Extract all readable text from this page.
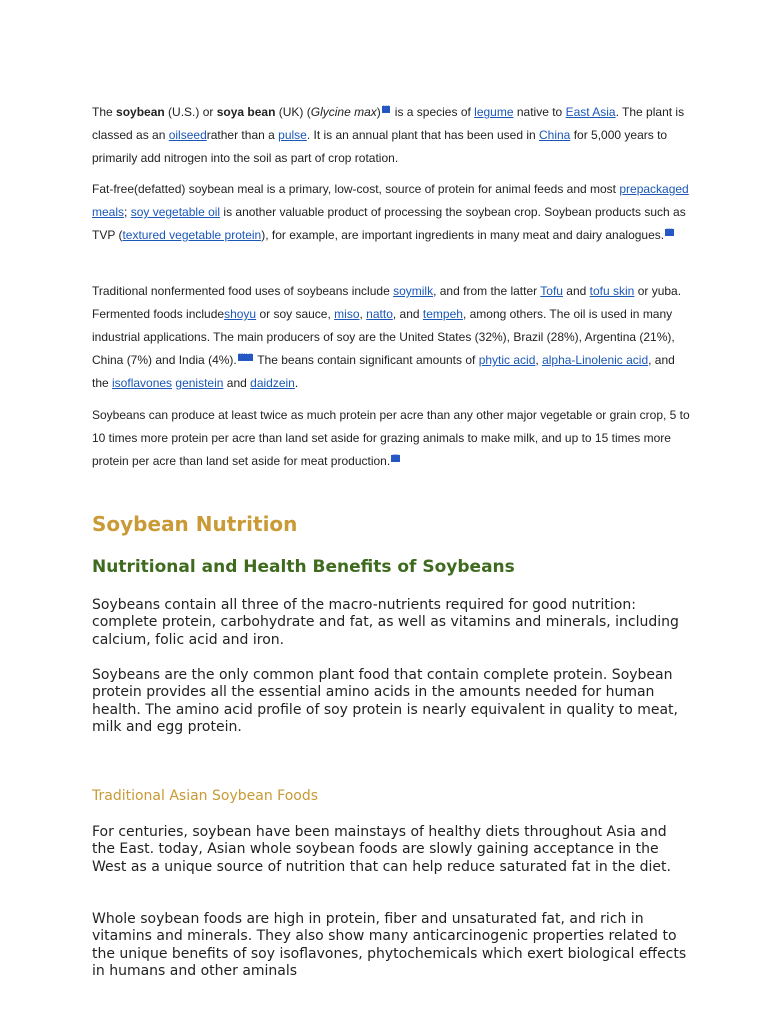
The soybean (U.S.) or soya bean (UK) (Glycine max) [1] is a species of legume native to East Asia. The plant is classed as an oilseedrather than a pulse. It is an annual plant that has been used in China for 5,000 years to primarily add nitrogen into the soil as part of crop rotation.

Fat-free(defatted) soybean meal is a primary, low-cost, source of protein for animal feeds and most prepackaged meals; soy vegetable oil is another valuable product of processing the soybean crop. Soybean products such as TVP (textured vegetable protein), for example, are important ingredients in many meat and dairy analogues. [2]

Traditional nonfermented food uses of soybeans include soymilk, and from the latter Tofu and tofu skin or yuba. Fermented foods includeshoyu or soy sauce, miso, natto, and tempeh, among others. The oil is used in many industrial applications. The main producers of soy are the United States (32%), Brazil (28%), Argentina (21%), China (7%) and India (4%). [3][4] The beans contain significant amounts of phytic acid, alpha-Linolenic acid, and the isoflavones genistein and daidzein.

Soybeans can produce at least twice as much protein per acre than any other major vegetable or grain crop, 5 to 10 times more protein per acre than land set aside for grazing animals to make milk, and up to 15 times more protein per acre than land set aside for meat production. [5]

Soybean Nutrition
Nutritional and Health Benefits of Soybeans

Soybeans contain all three of the macro-nutrients required for good nutrition: complete protein, carbohydrate and fat, as well as vitamins and minerals, including calcium, folic acid and iron.

Soybeans are the only common plant food that contain complete protein. Soybean protein provides all the essential amino acids in the amounts needed for human health. The amino acid profile of soy protein is nearly equivalent in quality to meat, milk and egg protein.

Traditional Asian Soybean Foods

For centuries, soybean have been mainstays of healthy diets throughout Asia and the East. today, Asian whole soybean foods are slowly gaining acceptance in the West as a unique source of nutrition that can help reduce saturated fat in the diet.

Whole soybean foods are high in protein, fiber and unsaturated fat, and rich in vitamins and minerals. They also show many anticarcinogenic properties related to the unique benefits of soy isoflavones, phytochemicals which exert biological effects in humans and other aminals
